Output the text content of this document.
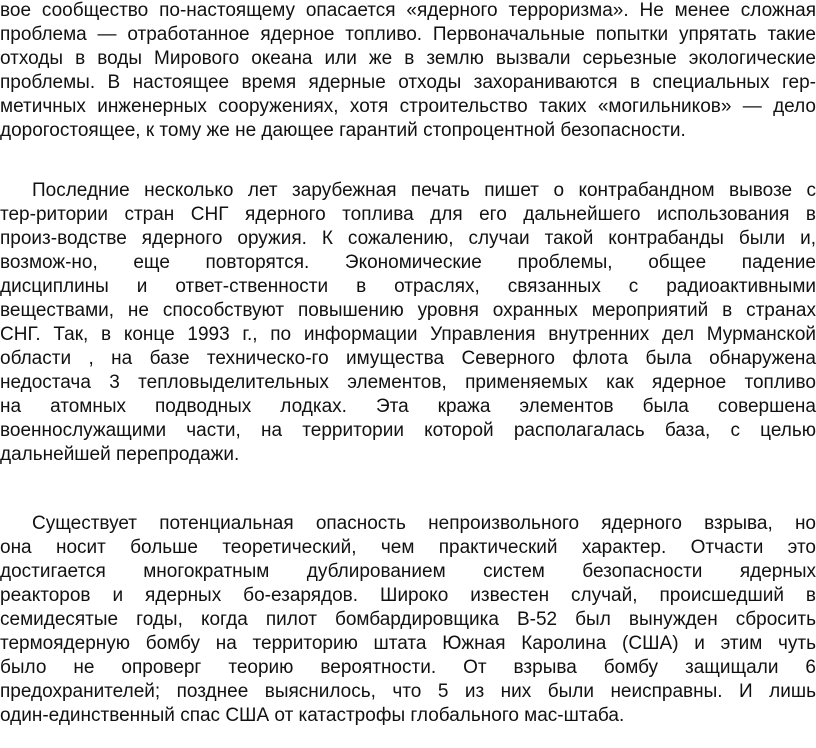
вое сообщество по-настоящему опасается «ядерного терроризма». Не менее сложная
проблема — отработанное ядерное топливо. Первоначальные попытки упрятать такие
отходы в воды Мирового океана или же в землю вызвали серьезные экологические
проблемы. В настоящее время ядерные отходы захораниваются в специальных гер-
метичных инженерных сооружениях, хотя строительство таких «могильников» — дело
дорогостоящее, к тому же не дающее гарантий стопроцентной безопасности.
Последние несколько лет зарубежная печать пишет о контрабандном вывозе с
тер-ритории стран СНГ ядерного топлива для его дальнейшего использования в
произ-водстве ядерного оружия. К сожалению, случаи такой контрабанды были и,
возмож-но, еще повторятся. Экономические проблемы, общее падение
дисциплины и ответ-ственности в отраслях, связанных с радиоактивными
веществами, не способствуют повышению уровня охранных мероприятий в странах
СНГ. Так, в конце 1993 г., по информации Управления внутренних дел Мурманской
области , на базе техническо-го имущества Северного флота была обнаружена
недостача 3 тепловыделительных элементов, применяемых как ядерное топливо
на атомных подводных лодках. Эта кража элементов была совершена
военнослужащими части, на территории которой располагалась база, с целью
дальнейшей перепродажи.
Существует потенциальная опасность непроизвольного ядерного взрыва, но
она носит больше теоретический, чем практический характер. Отчасти это
достигается многократным дублированием систем безопасности ядерных
реакторов и ядерных бо-езарядов. Широко известен случай, происшедший в
семидесятые годы, когда пилот бомбардировщика В-52 был вынужден сбросить
термоядерную бомбу на территорию штата Южная Каролина (США) и этим чуть
было не опроверг теорию вероятности. От взрыва бомбу защищали 6
предохранителей; позднее выяснилось, что 5 из них были неисправны. И лишь
один-единственный спас США от катастрофы глобального мас-штаба.
